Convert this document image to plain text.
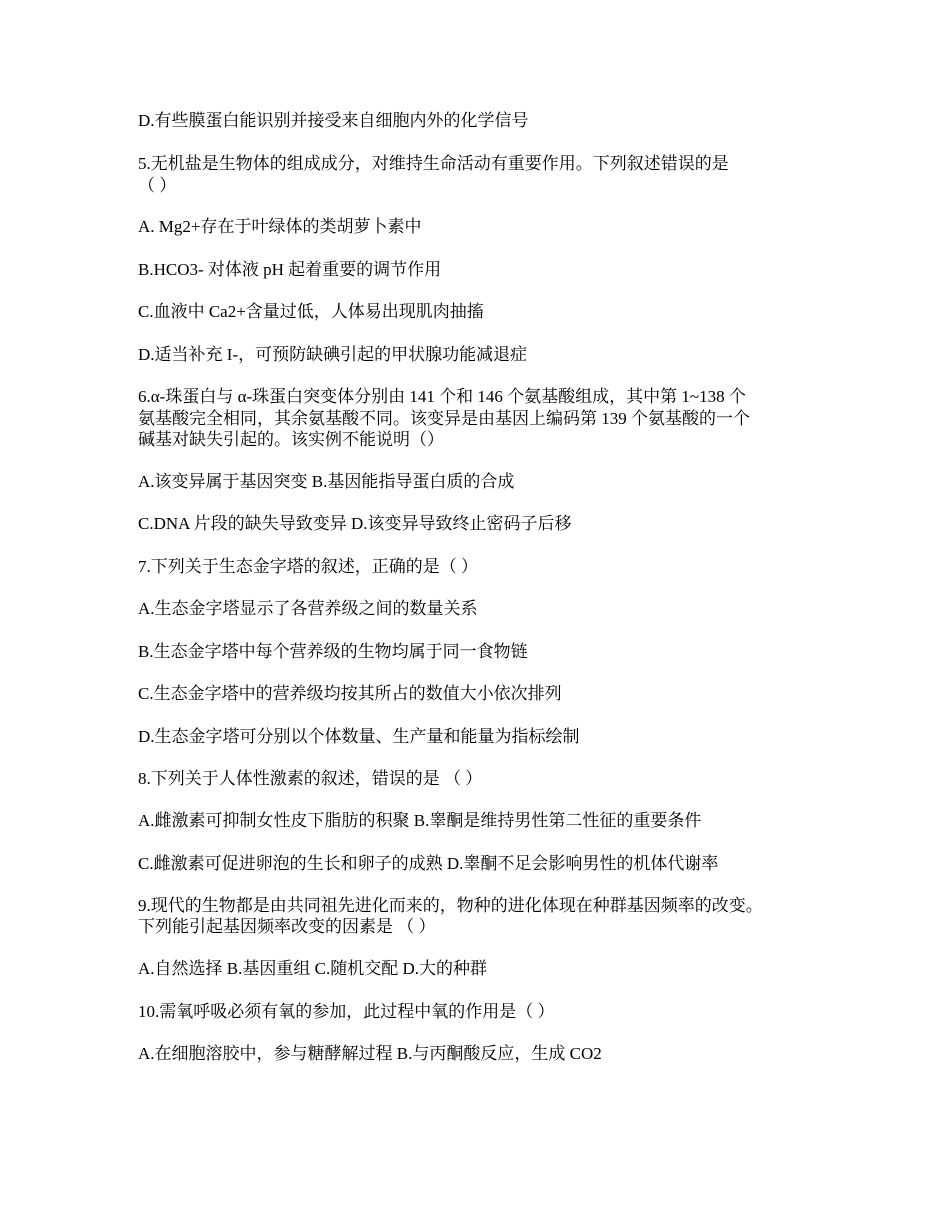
D.有些膜蛋白能识别并接受来自细胞内外的化学信号
5.无机盐是生物体的组成成分，对维持生命活动有重要作用。下列叙述错误的是
（ ）
A. Mg2+存在于叶绿体的类胡萝卜素中
B.HCO3- 对体液 pH 起着重要的调节作用
C.血液中 Ca2+含量过低，人体易出现肌肉抽搐
D.适当补充 I-，可预防缺碘引起的甲状腺功能减退症
6.α-珠蛋白与 α-珠蛋白突变体分别由 141 个和 146 个氨基酸组成，其中第 1~138 个
氨基酸完全相同，其余氨基酸不同。该变异是由基因上编码第 139 个氨基酸的一个
碱基对缺失引起的。该实例不能说明（）
A.该变异属于基因突变 B.基因能指导蛋白质的合成
C.DNA 片段的缺失导致变异 D.该变异导致终止密码子后移
7.下列关于生态金字塔的叙述，正确的是（ ）
A.生态金字塔显示了各营养级之间的数量关系
B.生态金字塔中每个营养级的生物均属于同一食物链
C.生态金字塔中的营养级均按其所占的数值大小依次排列
D.生态金字塔可分别以个体数量、生产量和能量为指标绘制
8.下列关于人体性激素的叙述，错误的是 （ ）
A.雌激素可抑制女性皮下脂肪的积聚 B.睾酮是维持男性第二性征的重要条件
C.雌激素可促进卵泡的生长和卵子的成熟 D.睾酮不足会影响男性的机体代谢率
9.现代的生物都是由共同祖先进化而来的，物种的进化体现在种群基因频率的改变。
下列能引起基因频率改变的因素是 （ ）
A.自然选择 B.基因重组 C.随机交配 D.大的种群
10.需氧呼吸必须有氧的参加，此过程中氧的作用是（ ）
A.在细胞溶胶中，参与糖酵解过程 B.与丙酮酸反应，生成 CO2
